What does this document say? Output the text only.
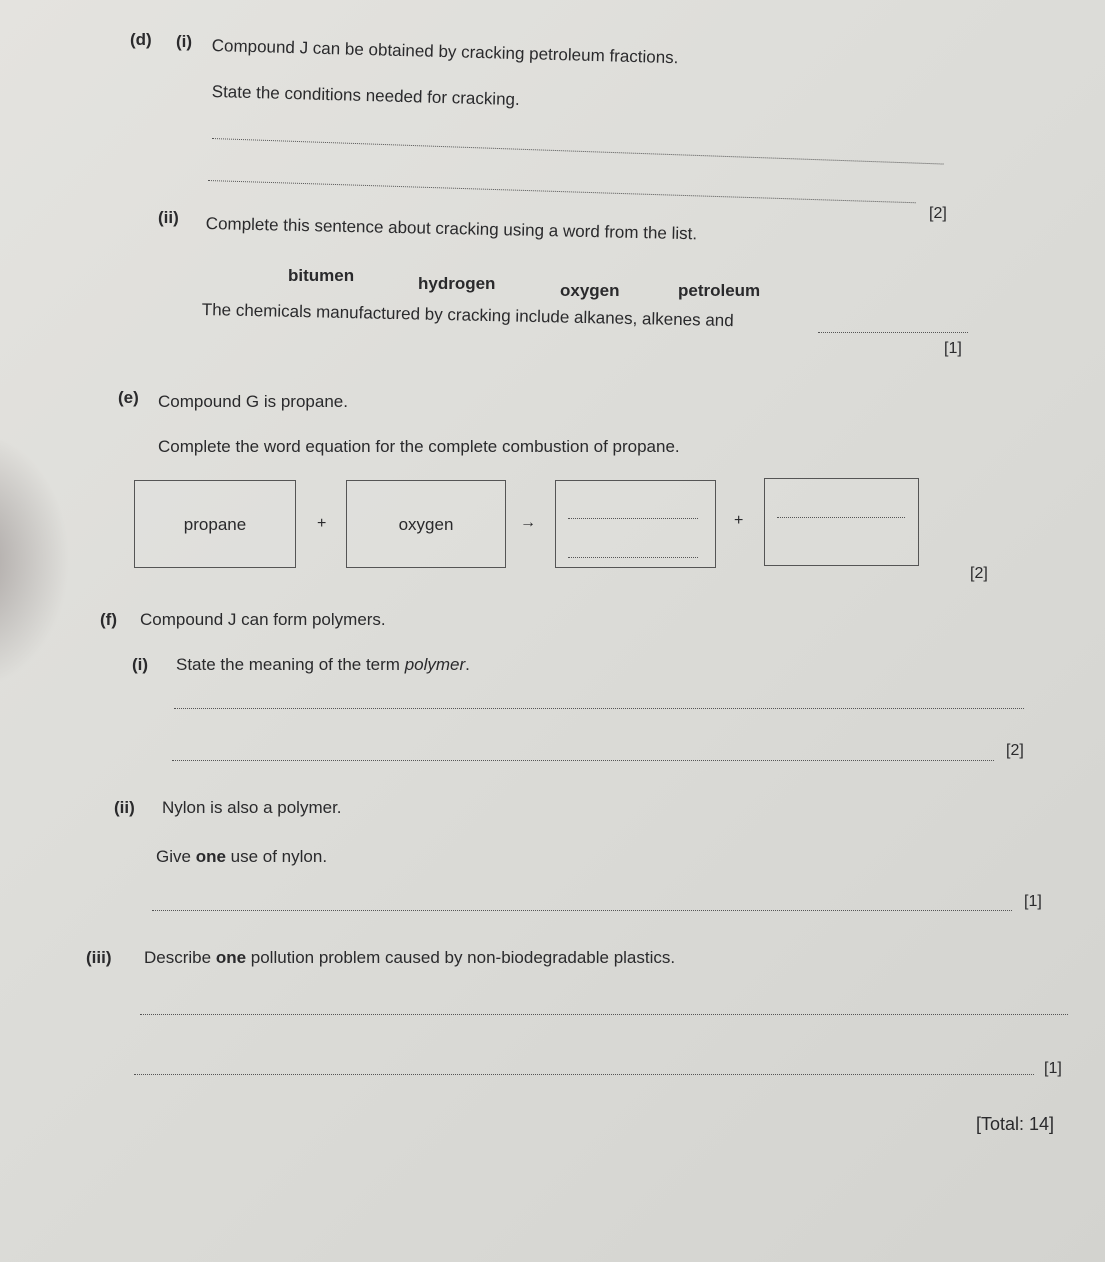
(d) (i) Compound J can be obtained by cracking petroleum fractions.
State the conditions needed for cracking.
[2]
(ii) Complete this sentence about cracking using a word from the list.
bitumen	hydrogen	oxygen	petroleum
The chemicals manufactured by cracking include alkanes, alkenes and
[1]
(e) Compound G is propane.
Complete the word equation for the complete combustion of propane.
propane	+	oxygen	→	+
[2]
(f) Compound J can form polymers.
(i) State the meaning of the term polymer.
[2]
(ii) Nylon is also a polymer.
Give one use of nylon.
[1]
(iii) Describe one pollution problem caused by non-biodegradable plastics.
[1]
[Total: 14]
